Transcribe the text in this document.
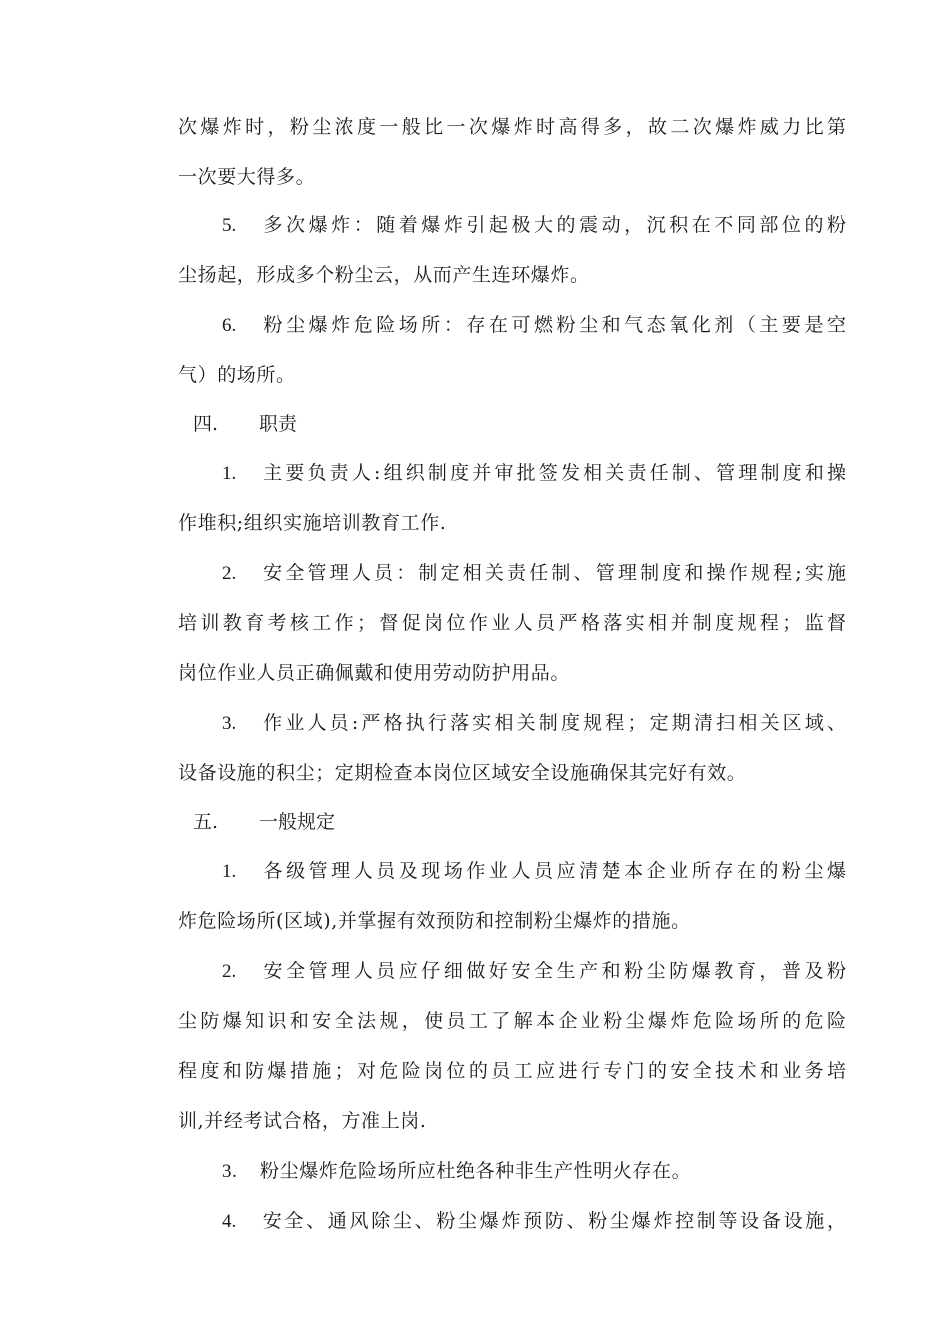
次爆炸时，粉尘浓度一般比一次爆炸时高得多，故二次爆炸威力比第
一次要大得多。
5. 多次爆炸：随着爆炸引起极大的震动，沉积在不同部位的粉
尘扬起，形成多个粉尘云，从而产生连环爆炸。
6. 粉尘爆炸危险场所：存在可燃粉尘和气态氧化剂（主要是空
气）的场所。
四. 职责
1. 主要负责人:组织制度并审批签发相关责任制、管理制度和操
作堆积;组织实施培训教育工作.
2. 安全管理人员：制定相关责任制、管理制度和操作规程;实施
培训教育考核工作；督促岗位作业人员严格落实相并制度规程；监督
岗位作业人员正确佩戴和使用劳动防护用品。
3. 作业人员:严格执行落实相关制度规程；定期清扫相关区域、
设备设施的积尘；定期检查本岗位区域安全设施确保其完好有效。
五. 一般规定
1. 各级管理人员及现场作业人员应清楚本企业所存在的粉尘爆
炸危险场所(区域),并掌握有效预防和控制粉尘爆炸的措施。
2. 安全管理人员应仔细做好安全生产和粉尘防爆教育，普及粉
尘防爆知识和安全法规，使员工了解本企业粉尘爆炸危险场所的危险
程度和防爆措施；对危险岗位的员工应进行专门的安全技术和业务培
训,并经考试合格，方准上岗.
3. 粉尘爆炸危险场所应杜绝各种非生产性明火存在。
4. 安全、通风除尘、粉尘爆炸预防、粉尘爆炸控制等设备设施，
